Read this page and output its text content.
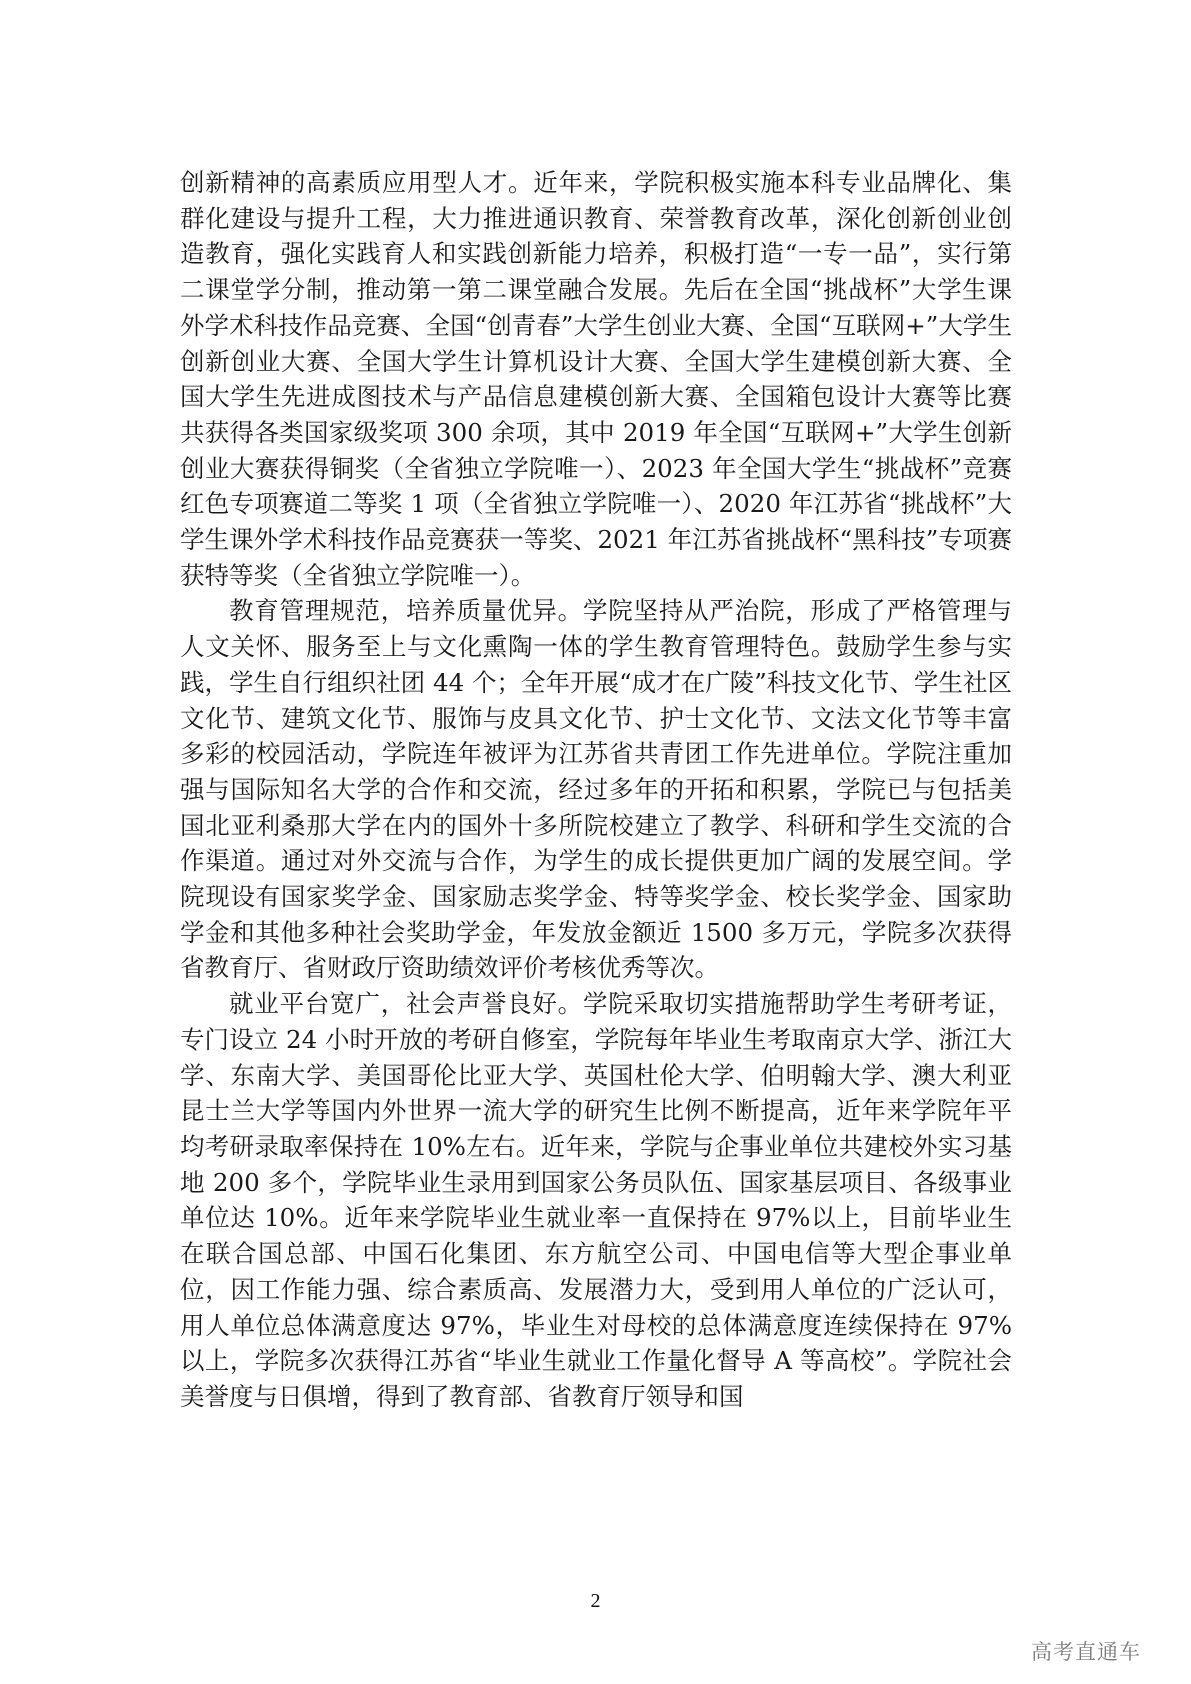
创新精神的高素质应用型人才。近年来，学院积极实施本科专业品牌化、集群化建设与提升工程，大力推进通识教育、荣誉教育改革，深化创新创业创造教育，强化实践育人和实践创新能力培养，积极打造“一专一品”，实行第二课堂学分制，推动第一第二课堂融合发展。先后在全国“挑战杯”大学生课外学术科技作品竞赛、全国“创青春”大学生创业大赛、全国“互联网+”大学生创新创业大赛、全国大学生计算机设计大赛、全国大学生建模创新大赛、全国大学生先进成图技术与产品信息建模创新大赛、全国箱包设计大赛等比赛共获得各类国家级奖项 300 余项，其中 2019 年全国“互联网+”大学生创新创业大赛获得铜奖（全省独立学院唯一）、2023 年全国大学生“挑战杯”竞赛红色专项赛道二等奖 1 项（全省独立学院唯一）、2020 年江苏省“挑战杯”大学生课外学术科技作品竞赛获一等奖、2021 年江苏省挑战杯“黑科技”专项赛获特等奖（全省独立学院唯一）。

教育管理规范，培养质量优异。学院坚持从严治院，形成了严格管理与人文关怀、服务至上与文化熏陶一体的学生教育管理特色。鼓励学生参与实践，学生自行组织社团 44 个；全年开展“成才在广陵”科技文化节、学生社区文化节、建筑文化节、服饰与皮具文化节、护士文化节、文法文化节等丰富多彩的校园活动，学院连年被评为江苏省共青团工作先进单位。学院注重加强与国际知名大学的合作和交流，经过多年的开拓和积累，学院已与包括美国北亚利桑那大学在内的国外十多所院校建立了教学、科研和学生交流的合作渠道。通过对外交流与合作，为学生的成长提供更加广阔的发展空间。学院现设有国家奖学金、国家励志奖学金、特等奖学金、校长奖学金、国家助学金和其他多种社会奖助学金，年发放金额近 1500 多万元，学院多次获得省教育厅、省财政厅资助绩效评价考核优秀等次。

就业平台宽广，社会声誉良好。学院采取切实措施帮助学生考研考证，专门设立 24 小时开放的考研自修室，学院每年毕业生考取南京大学、浙江大学、东南大学、美国哥伦比亚大学、英国杜伦大学、伯明翰大学、澳大利亚昆士兰大学等国内外世界一流大学的研究生比例不断提高，近年来学院年平均考研录取率保持在 10%左右。近年来，学院与企事业单位共建校外实习基地 200 多个，学院毕业生录用到国家公务员队伍、国家基层项目、各级事业单位达 10%。近年来学院毕业生就业率一直保持在 97%以上，目前毕业生在联合国总部、中国石化集团、东方航空公司、中国电信等大型企事业单位，因工作能力强、综合素质高、发展潜力大，受到用人单位的广泛认可，用人单位总体满意度达 97%，毕业生对母校的总体满意度连续保持在 97%以上，学院多次获得江苏省“毕业生就业工作量化督导 A 等高校”。学院社会美誉度与日俱增，得到了教育部、省教育厅领导和国

2
高考直通车
